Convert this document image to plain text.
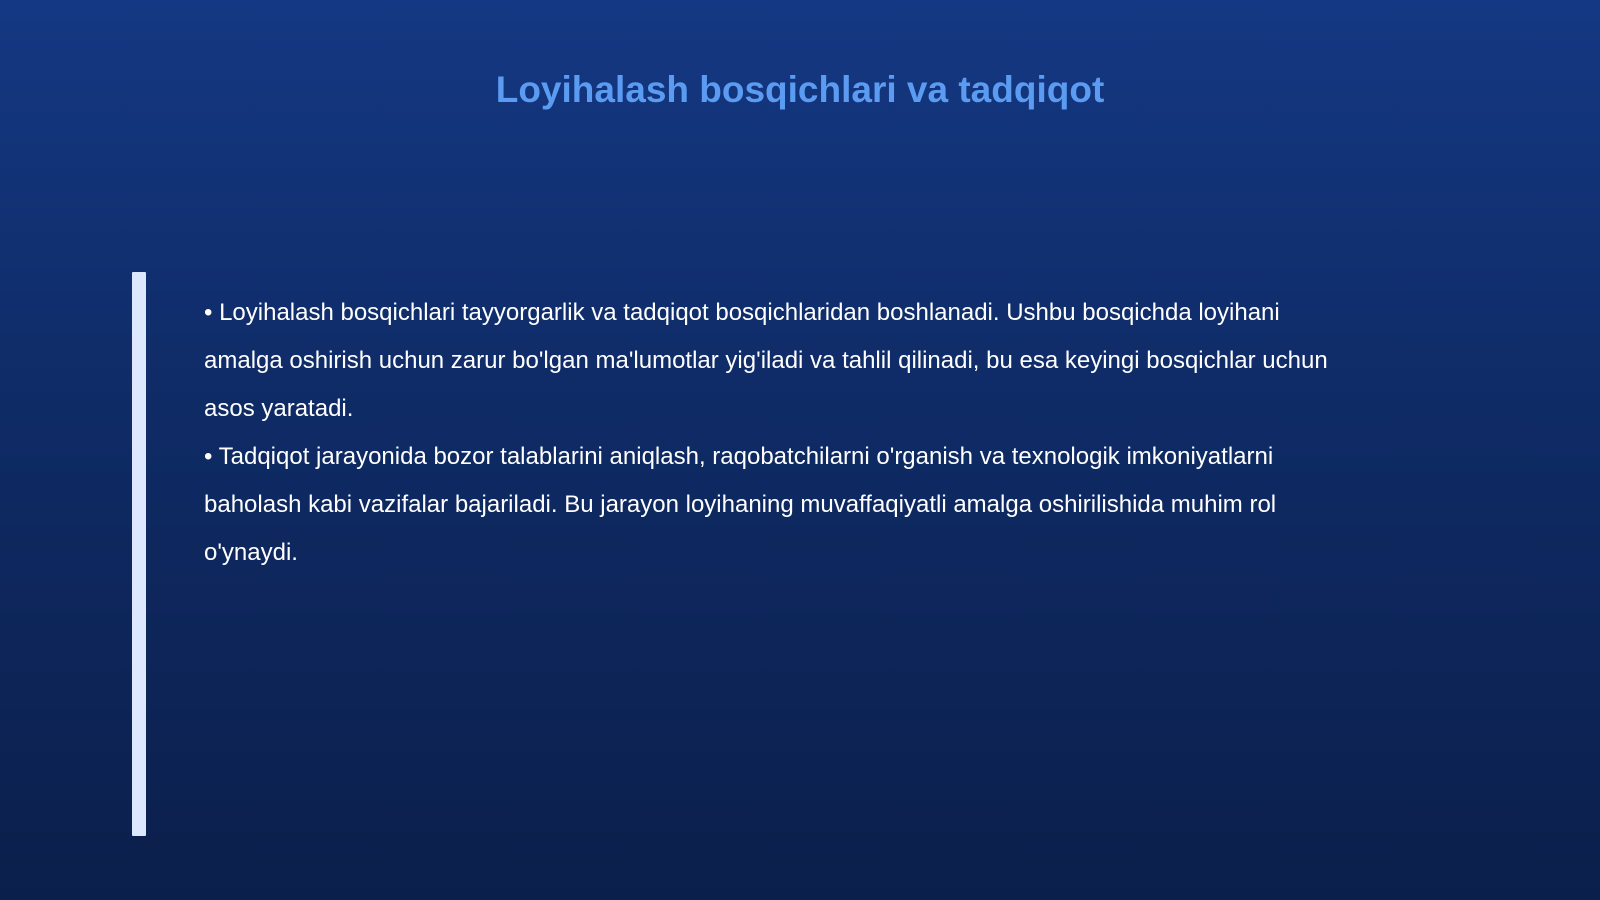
Loyihalash bosqichlari va tadqiqot

• Loyihalash bosqichlari tayyorgarlik va tadqiqot bosqichlaridan boshlanadi. Ushbu bosqichda loyihani amalga oshirish uchun zarur bo'lgan ma'lumotlar yig'iladi va tahlil qilinadi, bu esa keyingi bosqichlar uchun asos yaratadi.

• Tadqiqot jarayonida bozor talablarini aniqlash, raqobatchilarni o'rganish va texnologik imkoniyatlarni baholash kabi vazifalar bajariladi. Bu jarayon loyihaning muvaffaqiyatli amalga oshirilishida muhim rol o'ynaydi.
